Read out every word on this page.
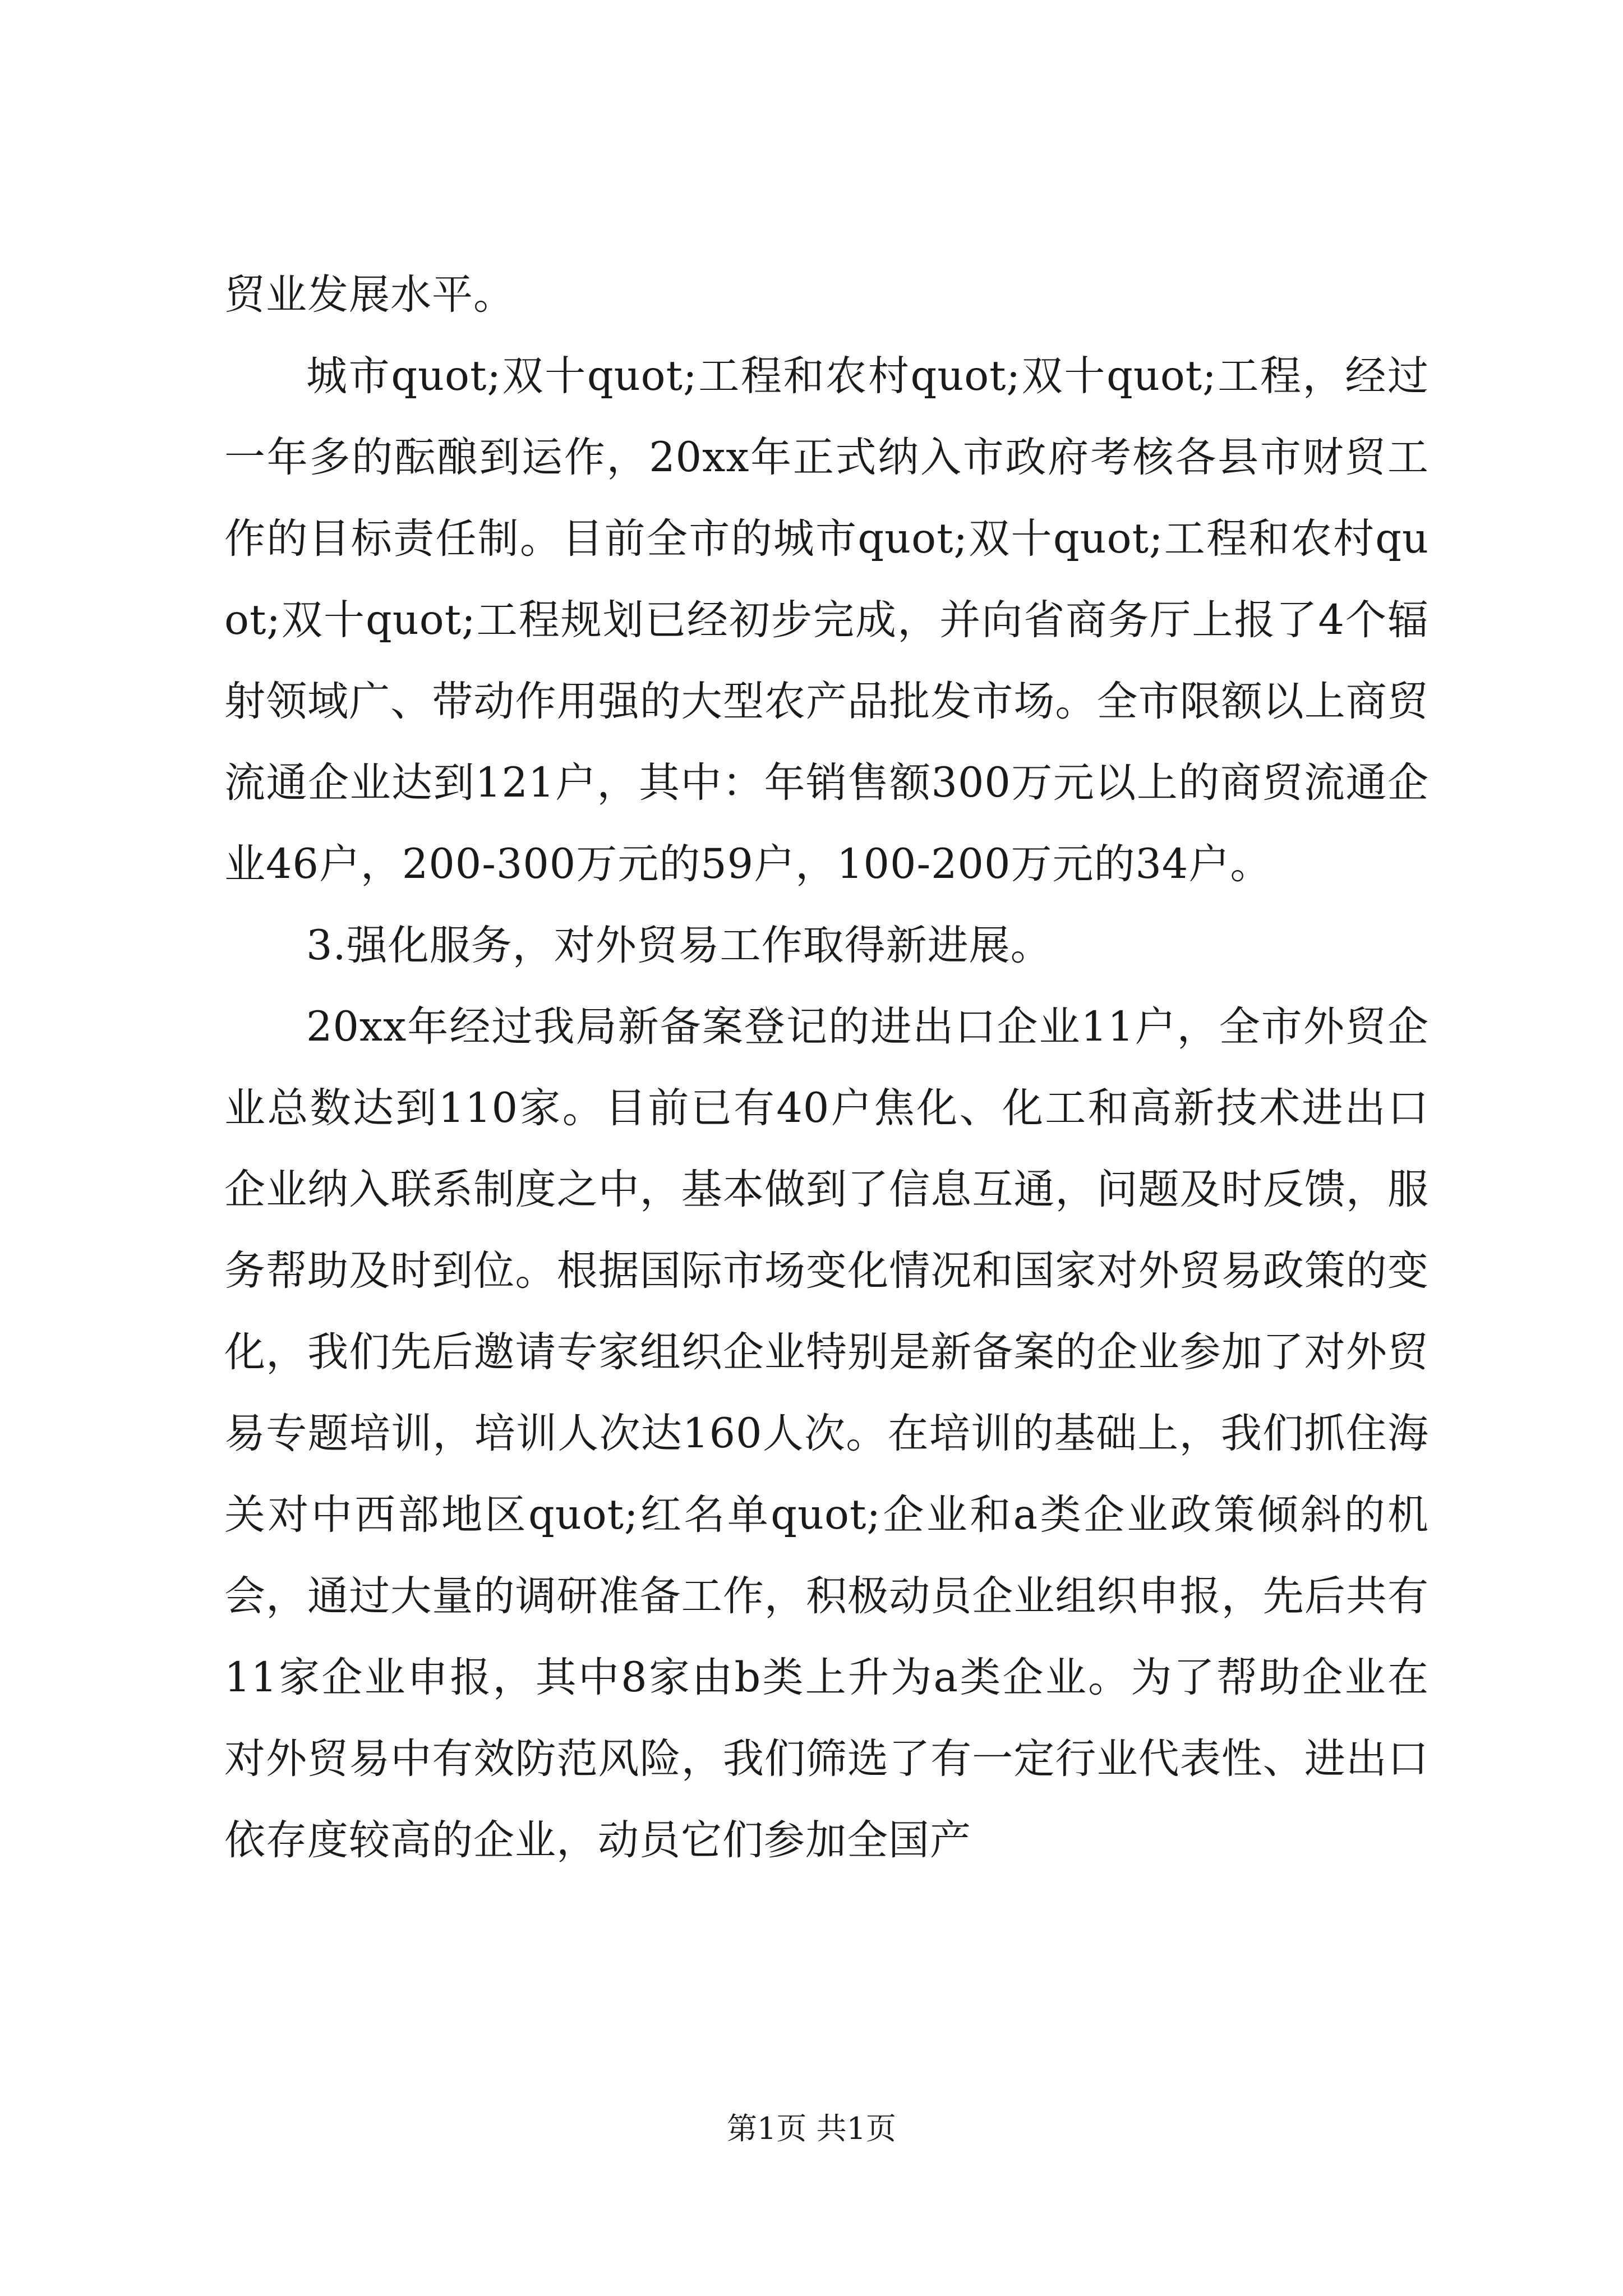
贸业发展水平。

城市quot;双十quot;工程和农村quot;双十quot;工程，经过一年多的酝酿到运作，20xx年正式纳入市政府考核各县市财贸工作的目标责任制。目前全市的城市quot;双十quot;工程和农村quot;双十quot;工程规划已经初步完成，并向省商务厅上报了4个辐射领域广、带动作用强的大型农产品批发市场。全市限额以上商贸流通企业达到121户，其中：年销售额300万元以上的商贸流通企业46户，200-300万元的59户，100-200万元的34户。

3.强化服务，对外贸易工作取得新进展。

20xx年经过我局新备案登记的进出口企业11户，全市外贸企业总数达到110家。目前已有40户焦化、化工和高新技术进出口企业纳入联系制度之中，基本做到了信息互通，问题及时反馈，服务帮助及时到位。根据国际市场变化情况和国家对外贸易政策的变化，我们先后邀请专家组织企业特别是新备案的企业参加了对外贸易专题培训，培训人次达160人次。在培训的基础上，我们抓住海关对中西部地区quot;红名单quot;企业和a类企业政策倾斜的机会，通过大量的调研准备工作，积极动员企业组织申报，先后共有11家企业申报，其中8家由b类上升为a类企业。为了帮助企业在对外贸易中有效防范风险，我们筛选了有一定行业代表性、进出口依存度较高的企业，动员它们参加全国产

第1页 共1页
